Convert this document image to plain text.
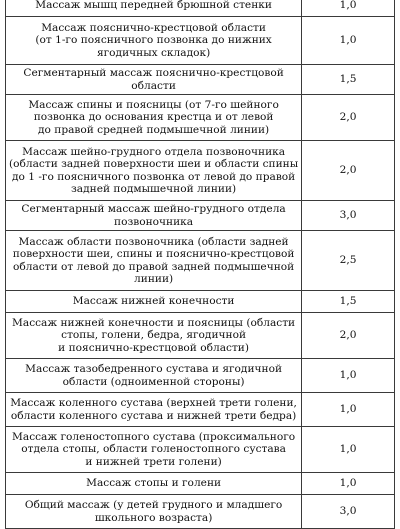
Массаж мышц передней брюшной стенки	1,0

Массаж пояснично-крестцовой области
(от 1-го поясничного позвонка до нижних
ягодичных складок)	1,0

Сегментарный массаж пояснично-крестцовой
области	1,5

Массаж спины и поясницы (от 7-го шейного
позвонка до основания крестца и от левой
до правой средней подмышечной линии)	2,0

Массаж шейно-грудного отдела позвоночника
(области задней поверхности шеи и области спины
до 1 -го поясничного позвонка от левой до правой
задней подмышечной линии)	2,0

Сегментарный массаж шейно-грудного отдела
позвоночника	3,0

Массаж области позвоночника (области задней
поверхности шеи, спины и пояснично-крестцовой
области от левой до правой задней подмышечной
линии)	2,5

Массаж нижней конечности	1,5

Массаж нижней конечности и поясницы (области
стопы, голени, бедра, ягодичной
и пояснично-крестцовой области)	2,0

Массаж тазобедренного сустава и ягодичной
области (одноименной стороны)	1,0

Массаж коленного сустава (верхней трети голени,
области коленного сустава и нижней трети бедра)	1,0

Массаж голеностопного сустава (проксимального
отдела стопы, области голеностопного сустава
и нижней трети голени)	1,0

Массаж стопы и голени	1,0

Общий массаж (у детей грудного и младшего
школьного возраста)	3,0
